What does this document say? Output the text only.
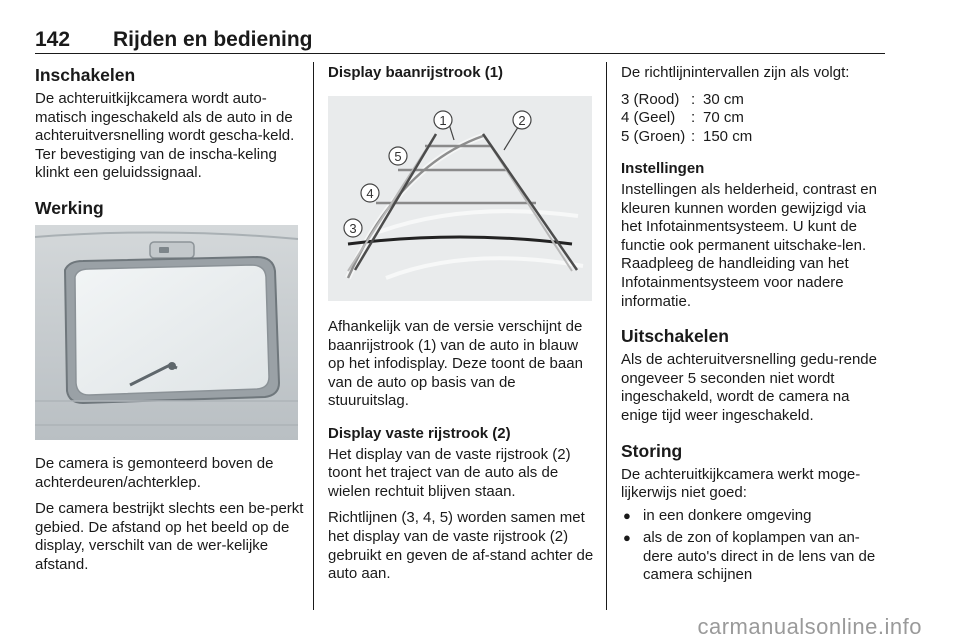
142 Rijden en bediening
Inschakelen

De achteruitkijkcamera wordt auto-matisch ingeschakeld als de auto in de achteruitversnelling wordt gescha-keld. Ter bevestiging van de inscha-keling klinkt een geluidssignaal.

Werking

De camera is gemonteerd boven de achterdeuren/achterklep.

De camera bestrijkt slechts een be-perkt gebied. De afstand op het beeld op de display, verschilt van de wer-kelijke afstand.

Display baanrijstrook (1)
1	2
3
4
5

Afhankelijk van de versie verschijnt de baanrijstrook (1) van de auto in blauw op het infodisplay. Deze toont de baan van de auto op basis van de stuuruitslag.

Display vaste rijstrook (2)

Het display van de vaste rijstrook (2) toont het traject van de auto als de wielen rechtuit blijven staan.

Richtlijnen (3, 4, 5) worden samen met het display van de vaste rijstrook (2) gebruikt en geven de af-stand achter de auto aan.

De richtlijnintervallen zijn als volgt:

3 (Rood) : 30 cm
4 (Geel)	: 70 cm
5 (Groen) : 150 cm
Instellingen

Instellingen als helderheid, contrast en kleuren kunnen worden gewijzigd via het Infotainmentsysteem. U kunt de functie ook permanent uitschake-len. Raadpleeg de handleiding van het Infotainmentsysteem voor nadere informatie.

Uitschakelen

Als de achteruitversnelling gedu-rende ongeveer 5 seconden niet wordt ingeschakeld, wordt de camera na enige tijd weer ingeschakeld.

Storing

De achteruitkijkcamera werkt moge-lijkerwijs niet goed:

● in een donkere omgeving
● als de zon of koplampen van an-dere auto's direct in de lens van de camera schijnen
carmanualsonline.info
